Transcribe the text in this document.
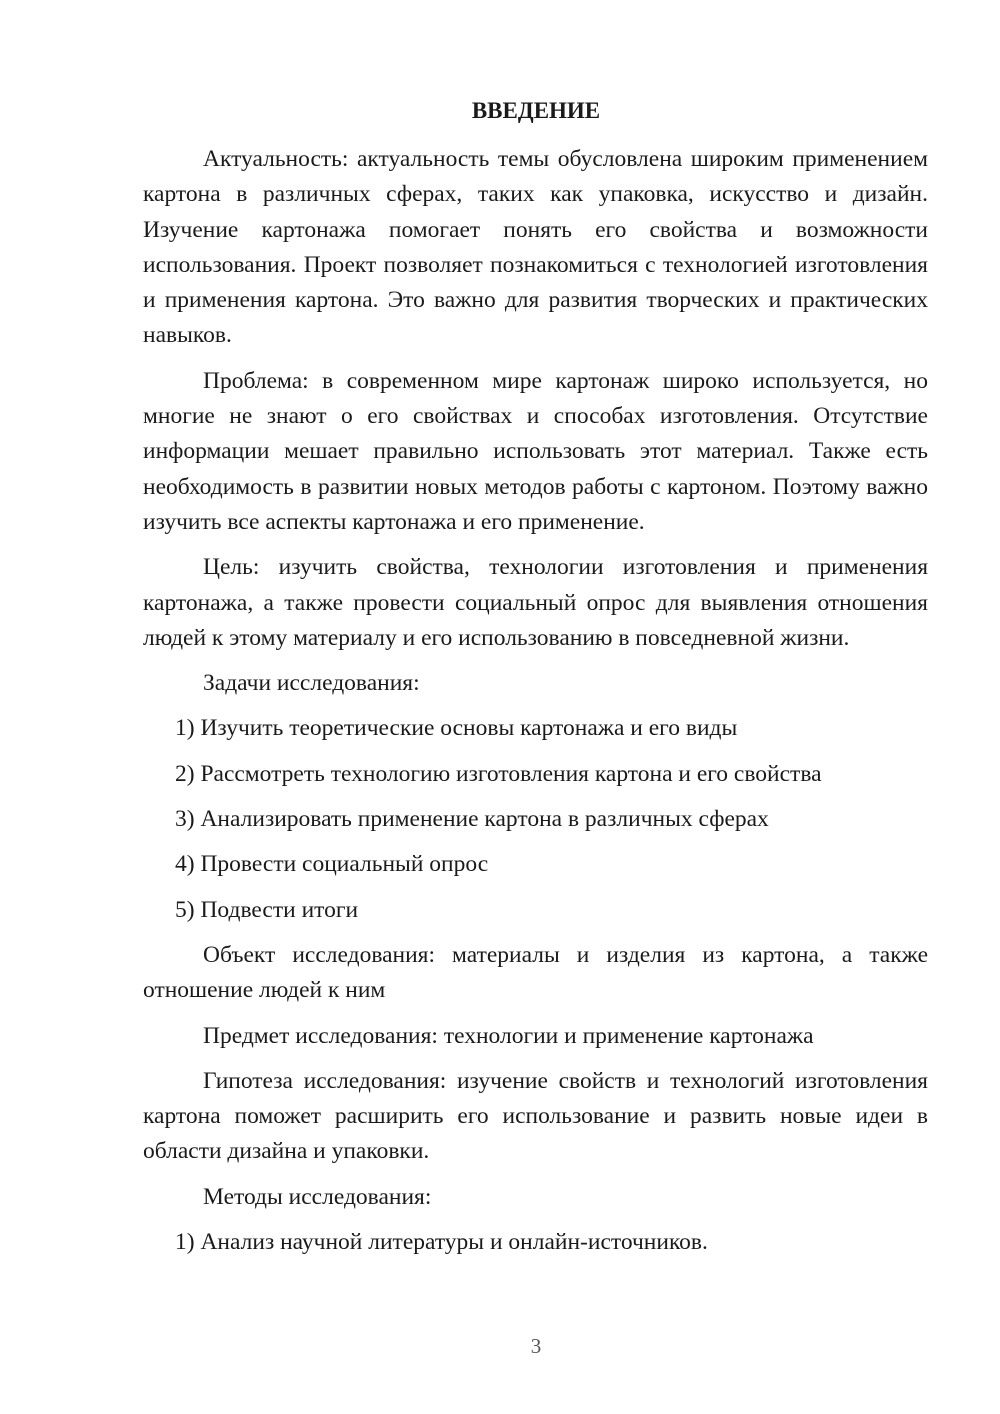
ВВЕДЕНИЕ

Актуальность: актуальность темы обусловлена широким применением картона в различных сферах, таких как упаковка, искусство и дизайн. Изучение картонажа помогает понять его свойства и возможности использования. Проект позволяет познакомиться с технологией изготовления и применения картона. Это важно для развития творческих и практических навыков.

Проблема: в современном мире картонаж широко используется, но многие не знают о его свойствах и способах изготовления. Отсутствие информации мешает правильно использовать этот материал. Также есть необходимость в развитии новых методов работы с картоном. Поэтому важно изучить все аспекты картонажа и его применение.

Цель: изучить свойства, технологии изготовления и применения картонажа, а также провести социальный опрос для выявления отношения людей к этому материалу и его использованию в повседневной жизни.

Задачи исследования:

1) Изучить теоретические основы картонажа и его виды

2) Рассмотреть технологию изготовления картона и его свойства

3) Анализировать применение картона в различных сферах

4) Провести социальный опрос

5) Подвести итоги

Объект исследования: материалы и изделия из картона, а также отношение людей к ним

Предмет исследования: технологии и применение картонажа

Гипотеза исследования: изучение свойств и технологий изготовления картона поможет расширить его использование и развить новые идеи в области дизайна и упаковки.

Методы исследования:

1) Анализ научной литературы и онлайн-источников.

3
